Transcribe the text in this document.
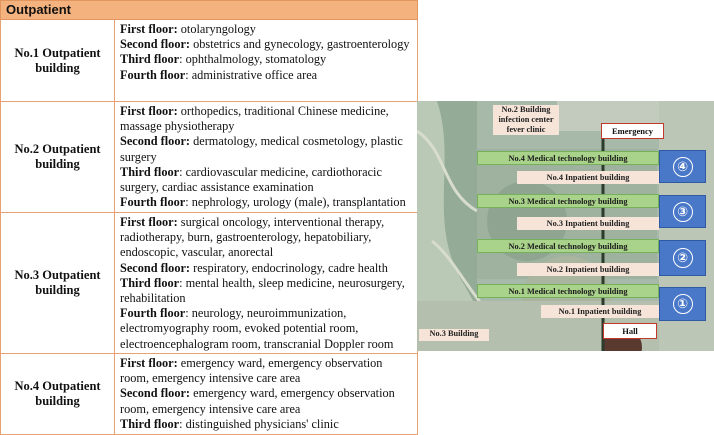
Outpatient
No.1 Outpatient building
First floor: otolaryngology
Second floor: obstetrics and gynecology, gastroenterology
Third floor: ophthalmology, stomatology
Fourth floor: administrative office area
No.2 Outpatient building
First floor: orthopedics, traditional Chinese medicine, massage physiotherapy
Second floor: dermatology, medical cosmetology, plastic surgery
Third floor: cardiovascular medicine, cardiothoracic surgery, cardiac assistance examination
Fourth floor: nephrology, urology (male), transplantation
No.3 Outpatient building
First floor: surgical oncology, interventional therapy, radiotherapy, burn, gastroenterology, hepatobiliary, endoscopic, vascular, anorectal
Second floor: respiratory, endocrinology, cadre health
Third floor: mental health, sleep medicine, neurosurgery, rehabilitation
Fourth floor: neurology, neuroimmunization, electromyography room, evoked potential room, electroencephalogram room, transcranial Doppler room
No.4 Outpatient building
First floor: emergency ward, emergency observation room, emergency intensive care area
Second floor: emergency ward, emergency observation room, emergency intensive care area
Third floor: distinguished physicians' clinic
No.2 Building infection center fever clinic	Emergency
No.4 Medical technology building
No.4 Inpatient building
④
No.3 Medical technology building
No.3 Inpatient building
③
No.2 Medical technology building
No.2 Inpatient building
②
No.1 Medical technology building
No.1 Inpatient building
①
No.3 Building	Hall
